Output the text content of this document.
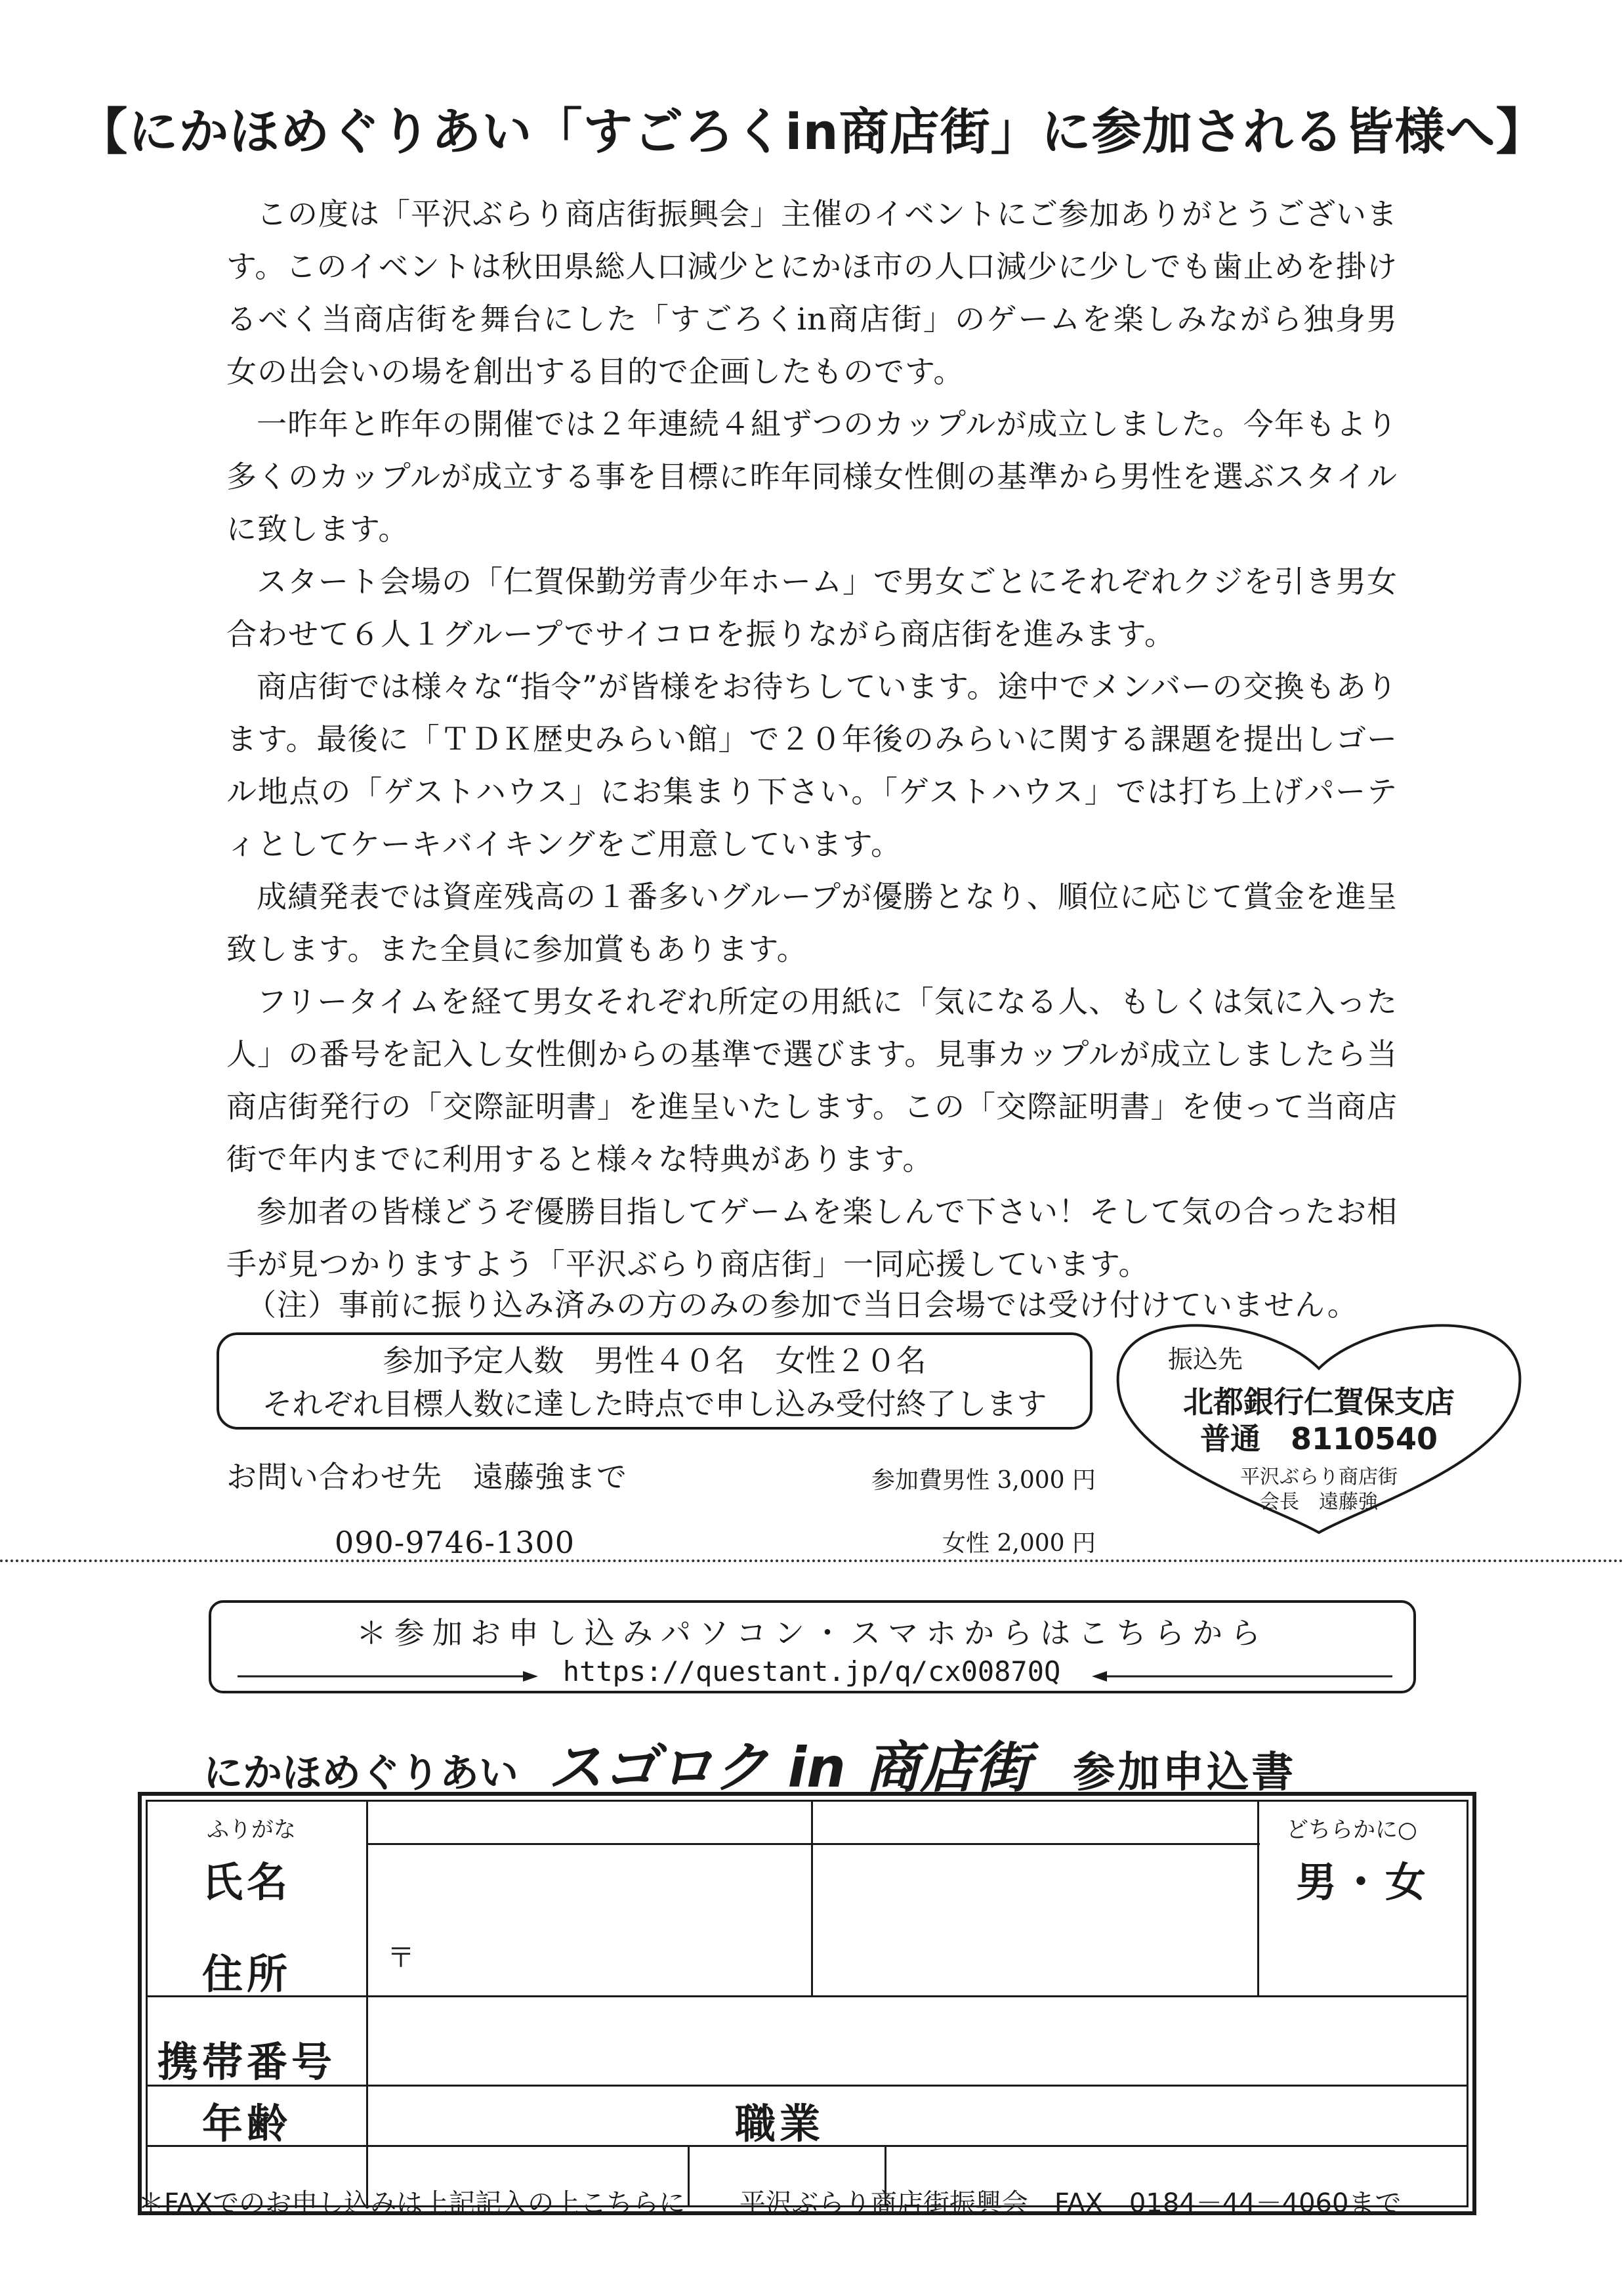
【にかほめぐりあい「すごろくin商店街」に参加される皆様へ】

この度は「平沢ぶらり商店街振興会」主催のイベントにご参加ありがとうございます。このイベントは秋田県総人口減少とにかほ市の人口減少に少しでも歯止めを掛けるべく当商店街を舞台にした「すごろくin商店街」のゲームを楽しみながら独身男女の出会いの場を創出する目的で企画したものです。

一昨年と昨年の開催では２年連続４組ずつのカップルが成立しました。今年もより多くのカップルが成立する事を目標に昨年同様女性側の基準から男性を選ぶスタイルに致します。

スタート会場の「仁賀保勤労青少年ホーム」で男女ごとにそれぞれクジを引き男女合わせて６人１グループでサイコロを振りながら商店街を進みます。

商店街では様々な“指令”が皆様をお待ちしています。途中でメンバーの交換もあります。最後に「ＴＤＫ歴史みらい館」で２０年後のみらいに関する課題を提出しゴール地点の「ゲストハウス」にお集まり下さい。「ゲストハウス」では打ち上げパーティとしてケーキバイキングをご用意しています。

成績発表では資産残高の１番多いグループが優勝となり、順位に応じて賞金を進呈致します。また全員に参加賞もあります。

フリータイムを経て男女それぞれ所定の用紙に「気になる人、もしくは気に入った人」の番号を記入し女性側からの基準で選びます。見事カップルが成立しましたら当商店街発行の「交際証明書」を進呈いたします。この「交際証明書」を使って当商店街で年内までに利用すると様々な特典があります。

参加者の皆様どうぞ優勝目指してゲームを楽しんで下さい！そして気の合ったお相手が見つかりますよう「平沢ぶらり商店街」一同応援しています。

（注）事前に振り込み済みの方のみの参加で当日会場では受け付けていません。
参加予定人数　男性４０名　女性２０名
それぞれ目標人数に達した時点で申し込み受付終了します
お問い合わせ先　遠藤強まで
090-9746-1300
参加費男性 3,000 円
女性 2,000 円
振込先
北都銀行仁賀保支店
普通　8110540
平沢ぶらり商店街
会長　遠藤強
＊参加お申し込みパソコン・スマホからはこちらから
https://questant.jp/q/cx00870Q
にかほめぐりあい スゴロク in 商店街 参加申込書
ふりがな
氏名
どちらかに○
男・女
住所	〒
携帯番号
年齢	職業
＊FAXでのお申し込みは上記記入の上こちらに 平沢ぶらり商店街振興会　FAX　0184－44－4060まで
